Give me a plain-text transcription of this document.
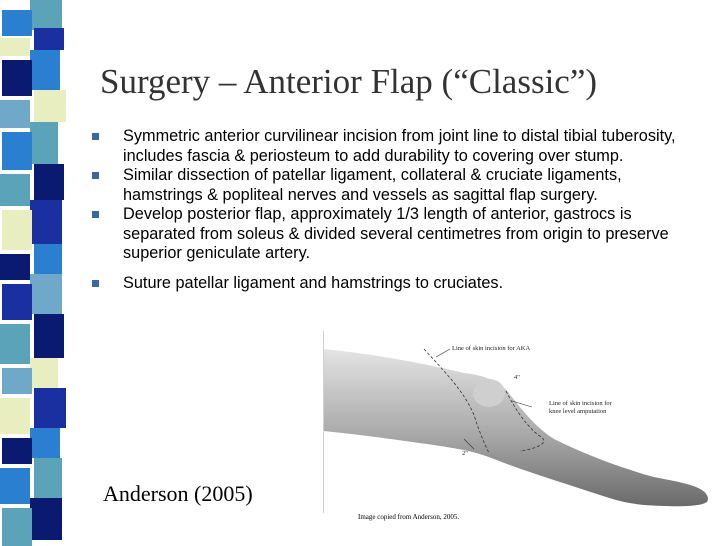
Surgery – Anterior Flap (“Classic”)
Symmetric anterior curvilinear incision from joint line to distal tibial tuberosity, includes fascia & periosteum to add durability to covering over stump.
Similar dissection of patellar ligament, collateral & cruciate ligaments, hamstrings & popliteal nerves and vessels as sagittal flap surgery.
Develop posterior flap, approximately 1/3 length of anterior, gastrocs is separated from soleus & divided several centimetres from origin to preserve superior geniculate artery.
Suture patellar ligament and hamstrings to cruciates.
Line of skin incision for AKA
4"
Line of skin incision for knee level amputation
2"
Image copied from Anderson, 2005.
Anderson (2005)
